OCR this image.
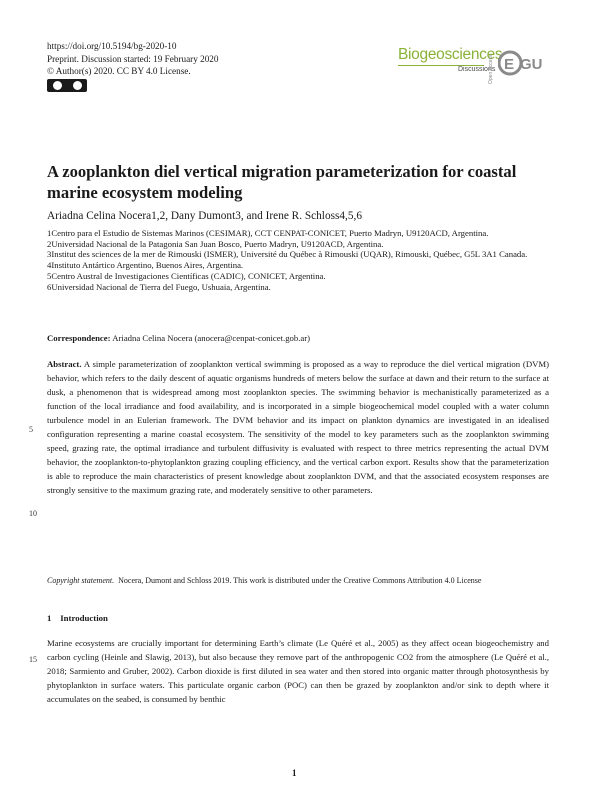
https://doi.org/10.5194/bg-2020-10
Preprint. Discussion started: 19 February 2020
© Author(s) 2020. CC BY 4.0 License.
Biogeosciences
Discussions
Open Access E GU
A zooplankton diel vertical migration parameterization for coastal marine ecosystem modeling
Ariadna Celina Nocera1,2, Dany Dumont3, and Irene R. Schloss4,5,6
1Centro para el Estudio de Sistemas Marinos (CESIMAR), CCT CENPAT-CONICET, Puerto Madryn, U9120ACD, Argentina.
2Universidad Nacional de la Patagonia San Juan Bosco, Puerto Madryn, U9120ACD, Argentina.
3Institut des sciences de la mer de Rimouski (ISMER), Université du Québec à Rimouski (UQAR), Rimouski, Québec, G5L 3A1 Canada.
4Instituto Antártico Argentino, Buenos Aires, Argentina.
5Centro Austral de Investigaciones Científicas (CADIC), CONICET, Argentina.
6Universidad Nacional de Tierra del Fuego, Ushuaia, Argentina.
Correspondence: Ariadna Celina Nocera (anocera@cenpat-conicet.gob.ar)

Abstract. A simple parameterization of zooplankton vertical swimming is proposed as a way to reproduce the diel vertical migration (DVM) behavior, which refers to the daily descent of aquatic organisms hundreds of meters below the surface at dawn and their return to the surface at dusk, a phenomenon that is widespread among most zooplankton species. The swimming behavior is mechanistically parameterized as a function of the local irradiance and food availability, and is incorporated in a simple biogeochemical model coupled with a water column turbulence model in an Eulerian framework. The DVM behavior and its impact on plankton dynamics are investigated in an idealised configuration representing a marine coastal ecosystem. The sensitivity of the model to key parameters such as the zooplankton swimming speed, grazing rate, the optimal irradiance and turbulent diffusivity is evaluated with respect to three metrics representing the actual DVM behavior, the zooplankton-to-phytoplankton grazing coupling efficiency, and the vertical carbon export. Results show that the parameterization is able to reproduce the main characteristics of present knowledge about zooplankton DVM, and that the associated ecosystem responses are strongly sensitive to the maximum grazing rate, and moderately sensitive to other parameters.

Copyright statement. Nocera, Dumont and Schloss 2019. This work is distributed under the Creative Commons Attribution 4.0 License
1 Introduction

Marine ecosystems are crucially important for determining Earth’s climate (Le Quéré et al., 2005) as they affect ocean biogeochemistry and carbon cycling (Heinle and Slawig, 2013), but also because they remove part of the anthropogenic CO2 from the atmosphere (Le Quéré et al., 2018; Sarmiento and Gruber, 2002). Carbon dioxide is first diluted in sea water and then stored into organic matter through photosynthesis by phytoplankton in surface waters. This particulate organic carbon (POC) can then be grazed by zooplankton and/or sink to depth where it accumulates on the seabed, is consumed by benthic

5
10
15
1
